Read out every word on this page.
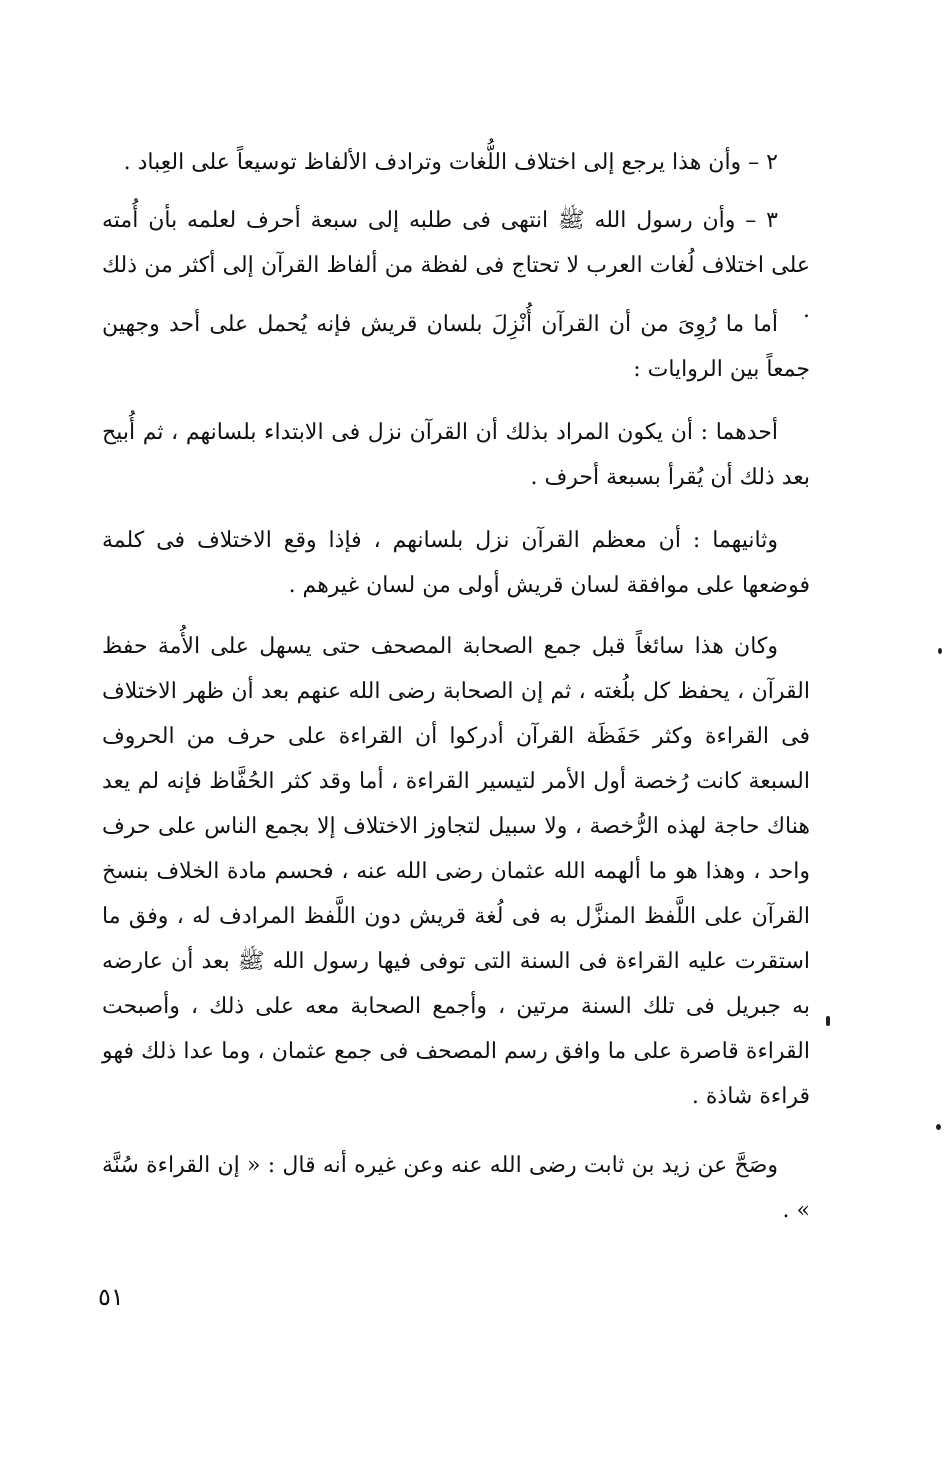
٢ – وأن هذا يرجع إلى اختلاف اللُّغات وترادف الألفاظ توسيعاً على العِباد .

٣ – وأن رسول الله ﷺ انتهى فى طلبه إلى سبعة أحرف لعلمه بأن أُمته على اختلاف لُغات العرب لا تحتاج فى لفظة من ألفاظ القرآن إلى أكثر من ذلك .

أما ما رُوِىَ من أن القرآن أُنْزِلَ بلسان قريش فإنه يُحمل على أحد وجهين جمعاً بين الروايات :

أحدهما : أن يكون المراد بذلك أن القرآن نزل فى الابتداء بلسانهم ، ثم أُبيح بعد ذلك أن يُقرأ بسبعة أحرف .

وثانيهما : أن معظم القرآن نزل بلسانهم ، فإذا وقع الاختلاف فى كلمة فوضعها على موافقة لسان قريش أولى من لسان غيرهم .

وكان هذا سائغاً قبل جمع الصحابة المصحف حتى يسهل على الأُمة حفظ القرآن ، يحفظ كل بلُغته ، ثم إن الصحابة رضى الله عنهم بعد أن ظهر الاختلاف فى القراءة وكثر حَفَظَة القرآن أدركوا أن القراءة على حرف من الحروف السبعة كانت رُخصة أول الأمر لتيسير القراءة ، أما وقد كثر الحُفَّاظ فإنه لم يعد هناك حاجة لهذه الرُّخصة ، ولا سبيل لتجاوز الاختلاف إلا بجمع الناس على حرف واحد ، وهذا هو ما ألهمه الله عثمان رضى الله عنه ، فحسم مادة الخلاف بنسخ القرآن على اللَّفظ المنزَّل به فى لُغة قريش دون اللَّفظ المرادف له ، وفق ما استقرت عليه القراءة فى السنة التى توفى فيها رسول الله ﷺ بعد أن عارضه به جبريل فى تلك السنة مرتين ، وأجمع الصحابة معه على ذلك ، وأصبحت القراءة قاصرة على ما وافق رسم المصحف فى جمع عثمان ، وما عدا ذلك فهو قراءة شاذة .

وصَحَّ عن زيد بن ثابت رضى الله عنه وعن غيره أنه قال : « إن القراءة سُنَّة » .

٥١
